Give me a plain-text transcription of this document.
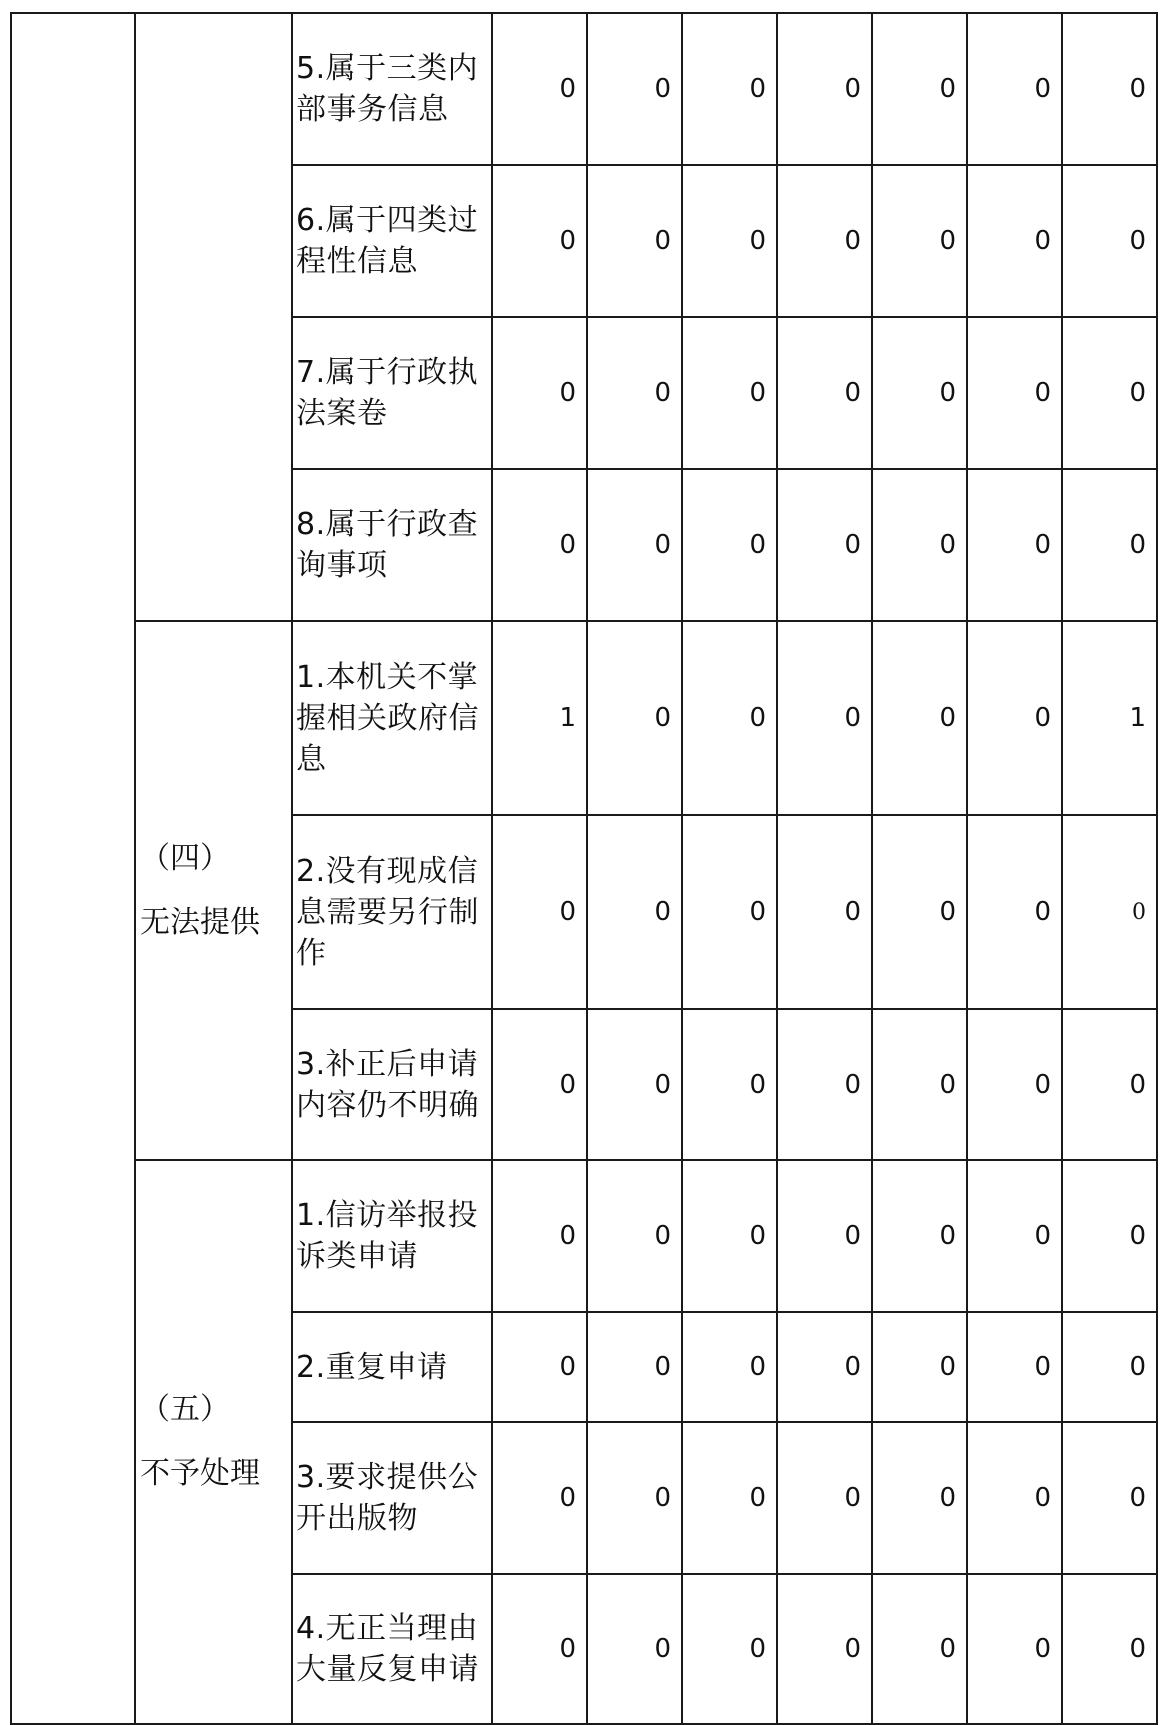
		5.属于三类内部事务信息	0	0	0	0	0	0	0
		6.属于四类过程性信息	0	0	0	0	0	0	0
		7.属于行政执法案卷	0	0	0	0	0	0	0
		8.属于行政查询事项	0	0	0	0	0	0	0

	（四）
无法提供	1.本机关不掌握相关政府信息	1	0	0	0	0	0	1
		2.没有现成信息需要另行制作	0	0	0	0	0	0	0
		3.补正后申请内容仍不明确	0	0	0	0	0	0	0

	（五）
不予处理	1.信访举报投诉类申请	0	0	0	0	0	0	0
		2.重复申请	0	0	0	0	0	0	0
		3.要求提供公开出版物	0	0	0	0	0	0	0
		4.无正当理由大量反复申请	0	0	0	0	0	0	0
